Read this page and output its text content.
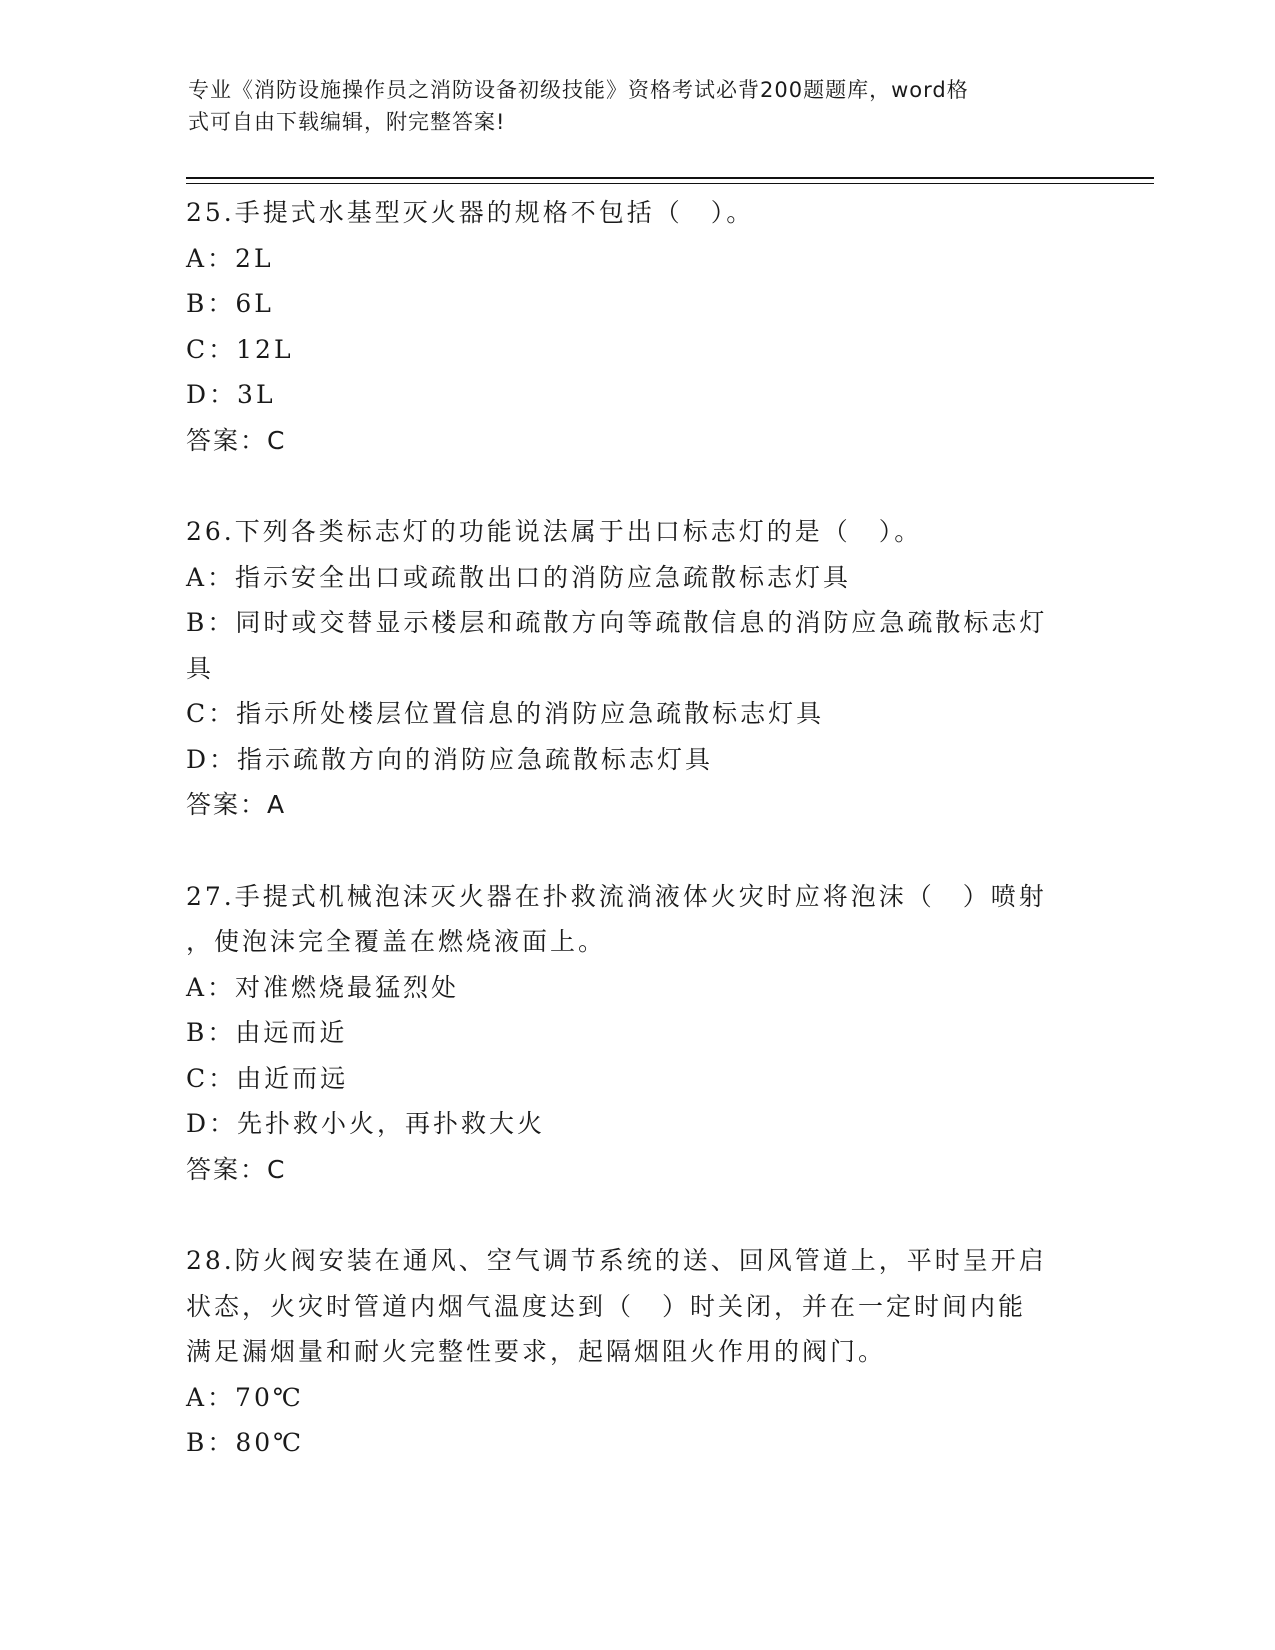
专业《消防设施操作员之消防设备初级技能》资格考试必背200题题库，word格
式可自由下载编辑，附完整答案!
25.手提式水基型灭火器的规格不包括（　）。
A：2L
B：6L
C：12L
D：3L
答案：C
26.下列各类标志灯的功能说法属于出口标志灯的是（　）。
A：指示安全出口或疏散出口的消防应急疏散标志灯具
B：同时或交替显示楼层和疏散方向等疏散信息的消防应急疏散标志灯
具
C：指示所处楼层位置信息的消防应急疏散标志灯具
D：指示疏散方向的消防应急疏散标志灯具
答案：A
27.手提式机械泡沫灭火器在扑救流淌液体火灾时应将泡沫（　）喷射
，使泡沫完全覆盖在燃烧液面上。
A：对准燃烧最猛烈处
B：由远而近
C：由近而远
D：先扑救小火，再扑救大火
答案：C
28.防火阀安装在通风、空气调节系统的送、回风管道上，平时呈开启
状态，火灾时管道内烟气温度达到（　）时关闭，并在一定时间内能
满足漏烟量和耐火完整性要求，起隔烟阻火作用的阀门。
A：70℃
B：80℃
